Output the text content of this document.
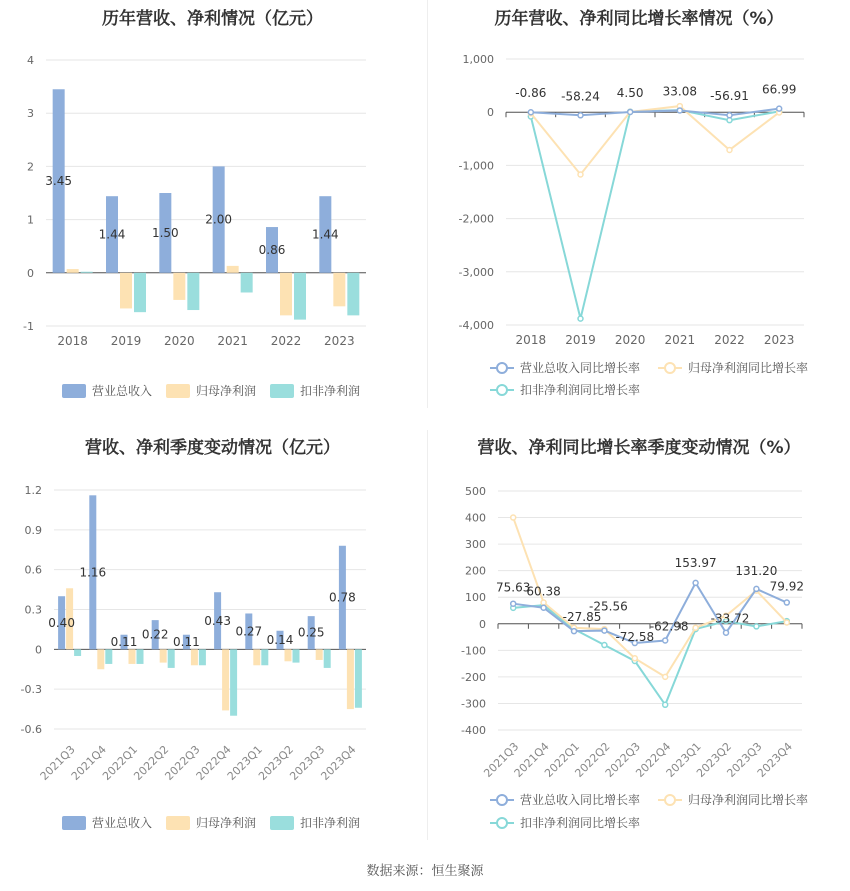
历年营收、净利情况（亿元）
4
3
2
1
0
-1
3.45
1.44 1.50
2.00
0.86
1.44
2018 2019 2020 2021 2022 2023
营业总收入	归母净利润	扣非净利润
历年营收、净利同比增长率情况（%）
1,000
0
-1,000
-2,000
-3,000
-4,000
-0.86 -58.24 4.50 33.08 -56.91 66.99
2018 2019 2020 2021 2022 2023
营业总收入同比增长率	归母净利润同比增长率
扣非净利润同比增长率
营收、净利季度变动情况（亿元）
1.2
0.9
0.6
0.3
0
-0.3
-0.6
0.40
1.16
0.11
0.22
0.11
0.43
0.27
0.14
0.25
0.78
2021Q3
2021Q4
2022Q1
2022Q2
2022Q3
2022Q4
2023Q1
2023Q2
2023Q3
2023Q4
营业总收入	归母净利润	扣非净利润
营收、净利同比增长率季度变动情况（%）
500
400
300
200
100
0
-100
-200
-300
-400
75.63
60.38
-27.85
-25.56
-72.58
-62.98
153.97
-33.72
131.20
79.92
2021Q3
2021Q4
2022Q1
2022Q2
2022Q3
2022Q4
2023Q1
2023Q2
2023Q3
2023Q4
营业总收入同比增长率	归母净利润同比增长率
扣非净利润同比增长率
数据来源：恒生聚源
